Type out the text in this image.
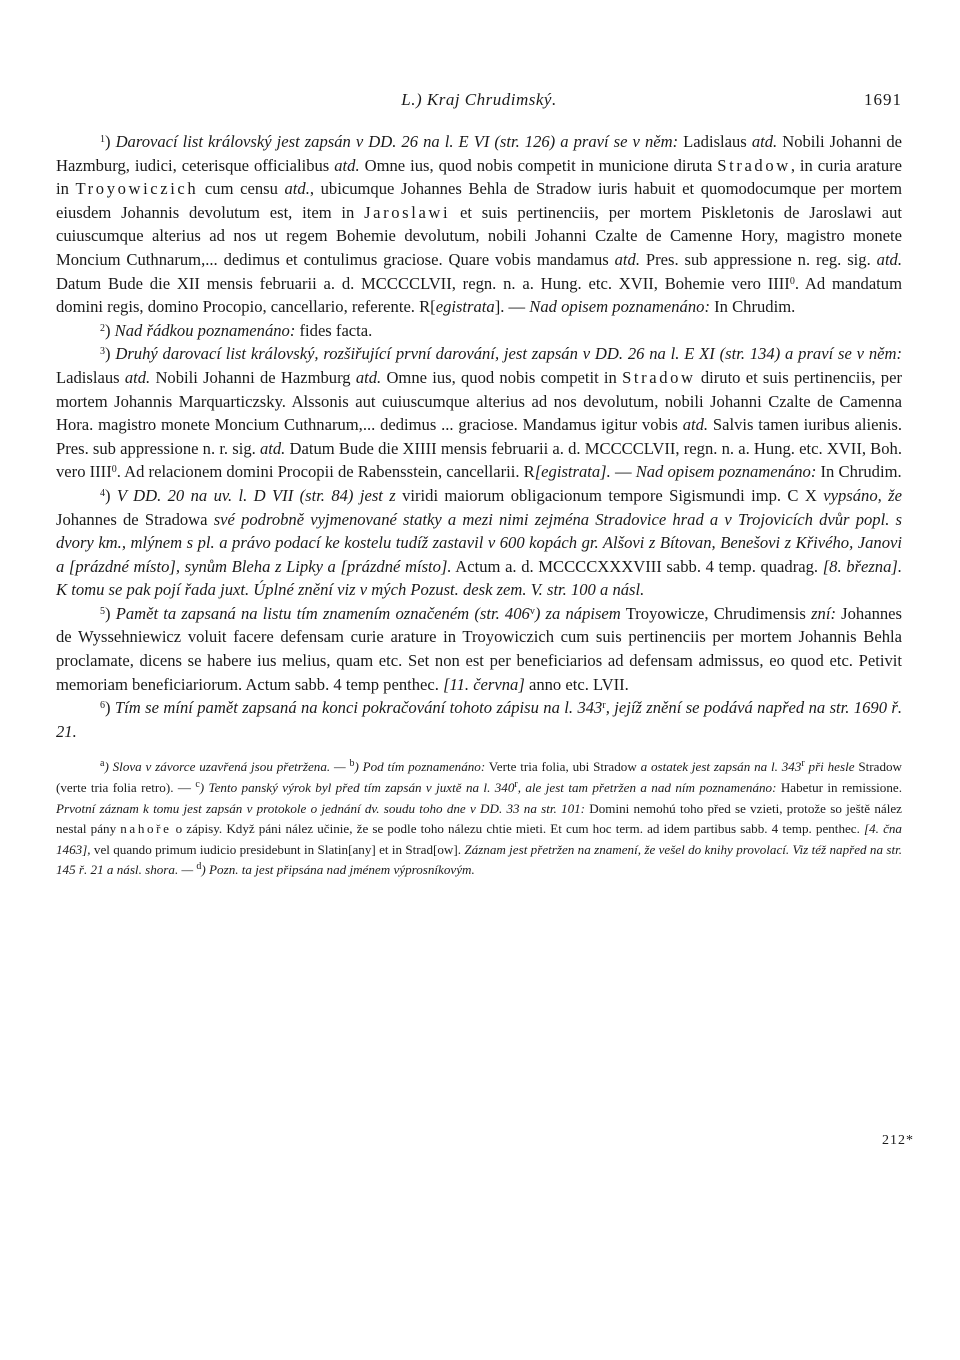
L.) Kraj Chrudimský.	1691

$^1$) Darovací list královský jest zapsán v DD. 26 na l. E VI (str. 126) a praví se v něm: Ladislaus atd. Nobili Johanni de Hazmburg, iudici, ceterisque officialibus atd. Omne ius, quod nobis competit in municione diruta Stradow, in curia arature in Troyowiczich cum censu atd., ubicumque Johannes Behla de Stradow iuris habuit et quomodocumque per mortem eiusdem Johannis devolutum est, item in Jaroslawi et suis pertinenciis, per mortem Piskletonis de Jaroslawi aut cuiuscumque alterius ad nos ut regem Bohemie devolutum, nobili Johanni Czalte de Camenne Hory, magistro monete Moncium Cuthnarum,... dedimus et contulimus graciose. Quare vobis mandamus atd. Pres. sub appressione n. reg. sig. atd. Datum Bude die XII mensis februarii a. d. MCCCCLVII, regn. n. a. Hung. etc. XVII, Bohemie vero IIII$^0$. Ad mandatum domini regis, domino Procopio, cancellario, referente. R[egistrata]. — Nad opisem poznamenáno: In Chrudim.

$^2$) Nad řádkou poznamenáno: fides facta.

$^3$) Druhý darovací list královský, rozšiřující první darování, jest zapsán v DD. 26 na l. E XI (str. 134) a praví se v něm: Ladislaus atd. Nobili Johanni de Hazmburg atd. Omne ius, quod nobis competit in Stradow diruto et suis pertinenciis, per mortem Johannis Marquarticzsky. Alssonis aut cuiuscumque alterius ad nos devolutum, nobili Johanni Czalte de Camenna Hora. magistro monete Moncium Cuthnarum,... dedimus ... graciose. Mandamus igitur vobis atd. Salvis tamen iuribus alienis. Pres. sub appressione n. r. sig. atd. Datum Bude die XIIII mensis februarii a. d. MCCCCLVII, regn. n. a. Hung. etc. XVII, Boh. vero IIII$^0$. Ad relacionem domini Procopii de Rabensstein, cancellarii. R[egistrata]. — Nad opisem poznamenáno: In Chrudim.

$^4$) V DD. 20 na uv. l. D VII (str. 84) jest z viridi maiorum obligacionum tempore Sigismundi imp. C X vypsáno, že Johannes de Stradowa své podrobně vyjmenované statky a mezi nimi zejména Stradovice hrad a v Trojovicích dvůr popl. s dvory km., mlýnem s pl. a právo podací ke kostelu tudíž zastavil v 600 kopách gr. Alšovi z Bítovan, Benešovi z Křivého, Janovi a [prázdné místo], synům Bleha z Lipky a [prázdné místo]. Actum a. d. MCCCCXXXVIII sabb. 4 temp. quadrag. [8. března]. K tomu se pak pojí řada juxt. Úplné znění viz v mých Pozust. desk zem. V. str. 100 a násl.

$^5$) Pamět ta zapsaná na listu tím znamením označeném (str. 406$^v$) za nápisem Troyowicze, Chrudimensis zní: Johannes de Wyssehniewicz voluit facere defensam curie arature in Troyowiczich cum suis pertinenciis per mortem Johannis Behla proclamate, dicens se habere ius melius, quam etc. Set non est per beneficiarios ad defensam admissus, eo quod etc. Petivit memoriam beneficiariorum. Actum sabb. 4 temp penthec. [11. června] anno etc. LVII.

$^6$) Tím se míní pamět zapsaná na konci pokračování tohoto zápisu na l. 343$^r$, jejíž znění se podává napřed na str. 1690 ř. 21.

$^a$) Slova v závorce uzavřená jsou přetržena. — $^b$) Pod tím poznamenáno: Verte tria folia, ubi Stradow a ostatek jest zapsán na l. 343$^r$ při hesle Stradow (verte tria folia retro). — $^c$) Tento panský výrok byl před tím zapsán v juxtě na l. 340$^r$, ale jest tam přetržen a nad ním poznamenáno: Habetur in remissione. Prvotní záznam k tomu jest zapsán v protokole o jednání dv. soudu toho dne v DD. 33 na str. 101: Domini nemohú toho před se vzieti, protože so ještě nález nestal pány nahoře o zápisy. Když páni nález učinie, že se podle toho nálezu chtie mieti. Et cum hoc term. ad idem partibus sabb. 4 temp. penthec. [4. čna 1463], vel quando primum iudicio presidebunt in Slatin[any] et in Strad[ow]. Záznam jest přetržen na znamení, že vešel do knihy provolací. Viz též napřed na str. 145 ř. 21 a násl. shora. — $^d$) Pozn. ta jest připsána nad jménem výprosníkovým.
212*
